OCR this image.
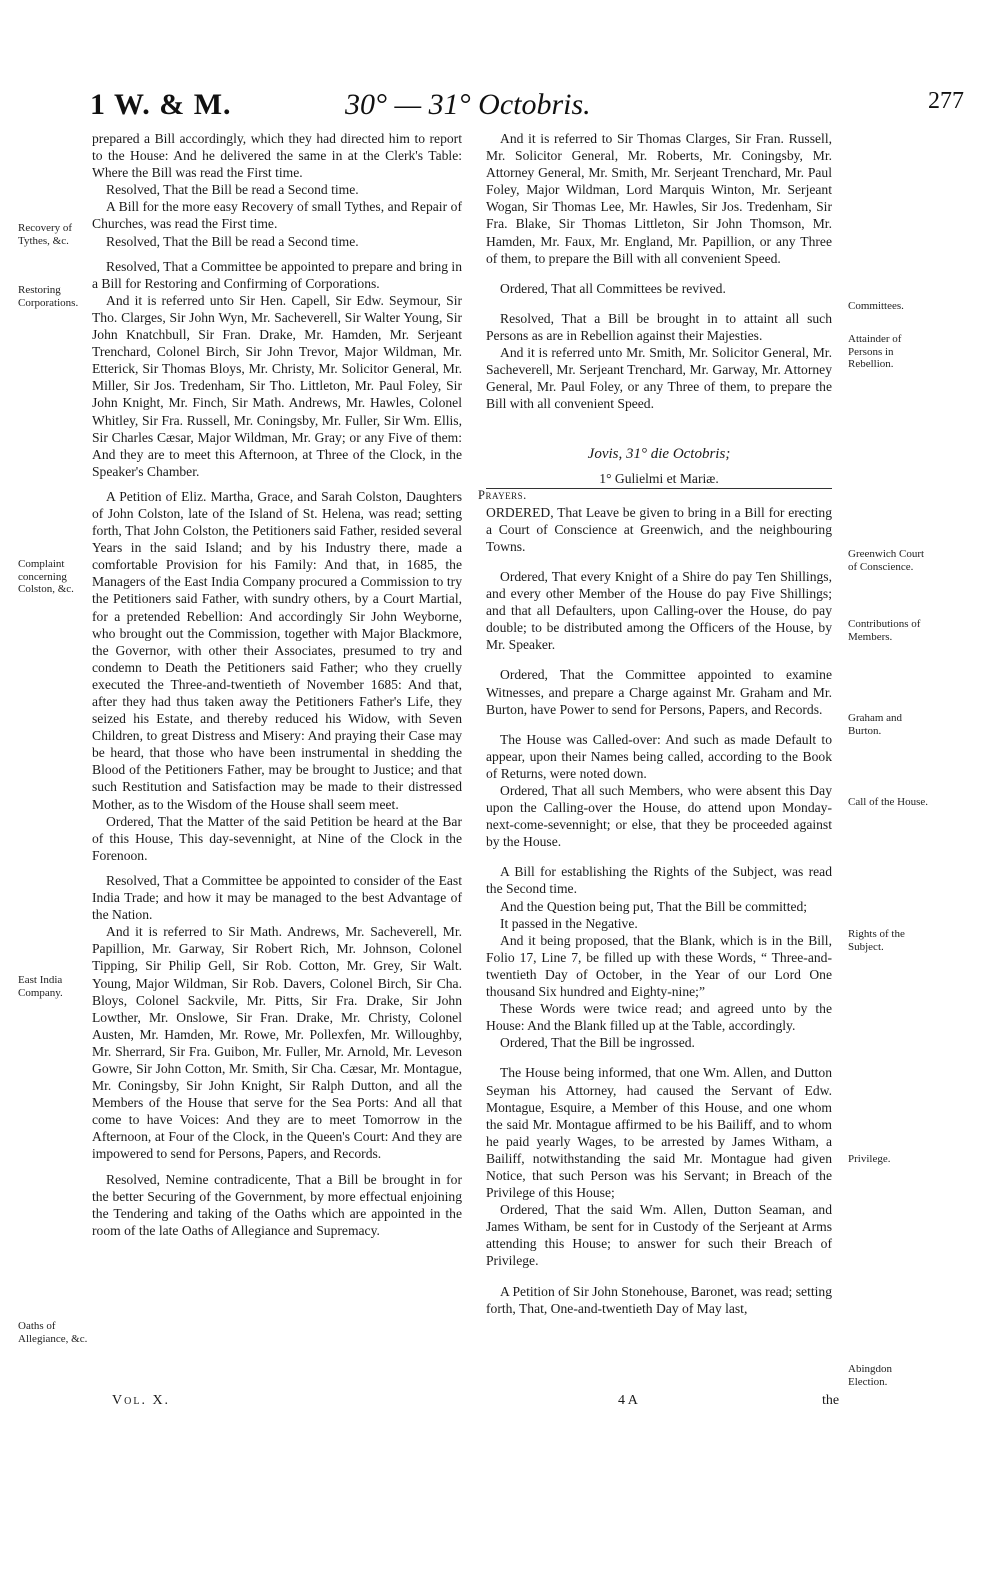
1 W. & M.	30° — 31° Octobris.	277
Recovery of Tythes, &c.
Restoring Corporations.
Complaint concerning Colston, &c.
East India Company.
Oaths of Allegiance, &c.
Committees.
Attainder of Persons in Rebellion.
Greenwich Court of Conscience.
Contributions of Members.
Graham and Burton.
Call of the House.
Rights of the Subject.
Privilege.
Abingdon Election.

prepared a Bill accordingly, which they had directed him to report to the House: And he delivered the same in at the Clerk's Table: Where the Bill was read the First time.

Resolved, That the Bill be read a Second time.

A Bill for the more easy Recovery of small Tythes, and Repair of Churches, was read the First time.

Resolved, That the Bill be read a Second time.

Resolved, That a Committee be appointed to prepare and bring in a Bill for Restoring and Confirming of Corporations.

And it is referred unto Sir Hen. Capell, Sir Edw. Seymour, Sir Tho. Clarges, Sir John Wyn, Mr. Sacheverell, Sir Walter Young, Sir John Knatchbull, Sir Fran. Drake, Mr. Hamden, Mr. Serjeant Trenchard, Colonel Birch, Sir John Trevor, Major Wildman, Mr. Etterick, Sir Thomas Bloys, Mr. Christy, Mr. Solicitor General, Mr. Miller, Sir Jos. Tredenham, Sir Tho. Littleton, Mr. Paul Foley, Sir John Knight, Mr. Finch, Sir Math. Andrews, Mr. Hawles, Colonel Whitley, Sir Fra. Russell, Mr. Coningsby, Mr. Fuller, Sir Wm. Ellis, Sir Charles Cæsar, Major Wildman, Mr. Gray; or any Five of them: And they are to meet this Afternoon, at Three of the Clock, in the Speaker's Chamber.

A Petition of Eliz. Martha, Grace, and Sarah Colston, Daughters of John Colston, late of the Island of St. Helena, was read; setting forth, That John Colston, the Petitioners said Father, resided several Years in the said Island; and by his Industry there, made a comfortable Provision for his Family: And that, in 1685, the Managers of the East India Company procured a Commission to try the Petitioners said Father, with sundry others, by a Court Martial, for a pretended Rebellion: And accordingly Sir John Weyborne, who brought out the Commission, together with Major Blackmore, the Governor, with other their Associates, presumed to try and condemn to Death the Petitioners said Father; who they cruelly executed the Three-and-twentieth of November 1685: And that, after they had thus taken away the Petitioners Father's Life, they seized his Estate, and thereby reduced his Widow, with Seven Children, to great Distress and Misery: And praying their Case may be heard, that those who have been instrumental in shedding the Blood of the Petitioners Father, may be brought to Justice; and that such Restitution and Satisfaction may be made to their distressed Mother, as to the Wisdom of the House shall seem meet.

Ordered, That the Matter of the said Petition be heard at the Bar of this House, This day-sevennight, at Nine of the Clock in the Forenoon.

Resolved, That a Committee be appointed to consider of the East India Trade; and how it may be managed to the best Advantage of the Nation.

And it is referred to Sir Math. Andrews, Mr. Sacheverell, Mr. Papillion, Mr. Garway, Sir Robert Rich, Mr. Johnson, Colonel Tipping, Sir Philip Gell, Sir Rob. Cotton, Mr. Grey, Sir Walt. Young, Major Wildman, Sir Rob. Davers, Colonel Birch, Sir Cha. Bloys, Colonel Sackvile, Mr. Pitts, Sir Fra. Drake, Sir John Lowther, Mr. Onslowe, Sir Fran. Drake, Mr. Christy, Colonel Austen, Mr. Hamden, Mr. Rowe, Mr. Pollexfen, Mr. Willoughby, Mr. Sherrard, Sir Fra. Guibon, Mr. Fuller, Mr. Arnold, Mr. Leveson Gowre, Sir John Cotton, Mr. Smith, Sir Cha. Cæsar, Mr. Montague, Mr. Coningsby, Sir John Knight, Sir Ralph Dutton, and all the Members of the House that serve for the Sea Ports: And all that come to have Voices: And they are to meet Tomorrow in the Afternoon, at Four of the Clock, in the Queen's Court: And they are impowered to send for Persons, Papers, and Records.

Resolved, Nemine contradicente, That a Bill be brought in for the better Securing of the Government, by more effectual enjoining the Tendering and taking of the Oaths which are appointed in the room of the late Oaths of Allegiance and Supremacy.

And it is referred to Sir Thomas Clarges, Sir Fran. Russell, Mr. Solicitor General, Mr. Roberts, Mr. Coningsby, Mr. Attorney General, Mr. Smith, Mr. Serjeant Trenchard, Mr. Paul Foley, Major Wildman, Lord Marquis Winton, Mr. Serjeant Wogan, Sir Thomas Lee, Mr. Hawles, Sir Jos. Tredenham, Sir Fra. Blake, Sir Thomas Littleton, Sir John Thomson, Mr. Hamden, Mr. Faux, Mr. England, Mr. Papillion, or any Three of them, to prepare the Bill with all convenient Speed.

Ordered, That all Committees be revived.

Resolved, That a Bill be brought in to attaint all such Persons as are in Rebellion against their Majesties.

And it is referred unto Mr. Smith, Mr. Solicitor General, Mr. Sacheverell, Mr. Serjeant Trenchard, Mr. Garway, Mr. Attorney General, Mr. Paul Foley, or any Three of them, to prepare the Bill with all convenient Speed.

Jovis, 31° die Octobris;

1° Gulielmi et Mariæ.

Prayers.

ORDERED, That Leave be given to bring in a Bill for erecting a Court of Conscience at Greenwich, and the neighbouring Towns.

Ordered, That every Knight of a Shire do pay Ten Shillings, and every other Member of the House do pay Five Shillings; and that all Defaulters, upon Calling-over the House, do pay double; to be distributed among the Officers of the House, by Mr. Speaker.

Ordered, That the Committee appointed to examine Witnesses, and prepare a Charge against Mr. Graham and Mr. Burton, have Power to send for Persons, Papers, and Records.

The House was Called-over: And such as made Default to appear, upon their Names being called, according to the Book of Returns, were noted down.

Ordered, That all such Members, who were absent this Day upon the Calling-over the House, do attend upon Monday-next-come-sevennight; or else, that they be proceeded against by the House.

A Bill for establishing the Rights of the Subject, was read the Second time.

And the Question being put, That the Bill be committed;

It passed in the Negative.

And it being proposed, that the Blank, which is in the Bill, Folio 17, Line 7, be filled up with these Words, “ Three-and-twentieth Day of October, in the Year of our Lord One thousand Six hundred and Eighty-nine;”

These Words were twice read; and agreed unto by the House: And the Blank filled up at the Table, accordingly.

Ordered, That the Bill be ingrossed.

The House being informed, that one Wm. Allen, and Dutton Seyman his Attorney, had caused the Servant of Edw. Montague, Esquire, a Member of this House, and one whom the said Mr. Montague affirmed to be his Bailiff, and to whom he paid yearly Wages, to be arrested by James Witham, a Bailiff, notwithstanding the said Mr. Montague had given Notice, that such Person was his Servant; in Breach of the Privilege of this House;

Ordered, That the said Wm. Allen, Dutton Seaman, and James Witham, be sent for in Custody of the Serjeant at Arms attending this House; to answer for such their Breach of Privilege.

A Petition of Sir John Stonehouse, Baronet, was read; setting forth, That, One-and-twentieth Day of May last,

Vol. X.	4 A	the
